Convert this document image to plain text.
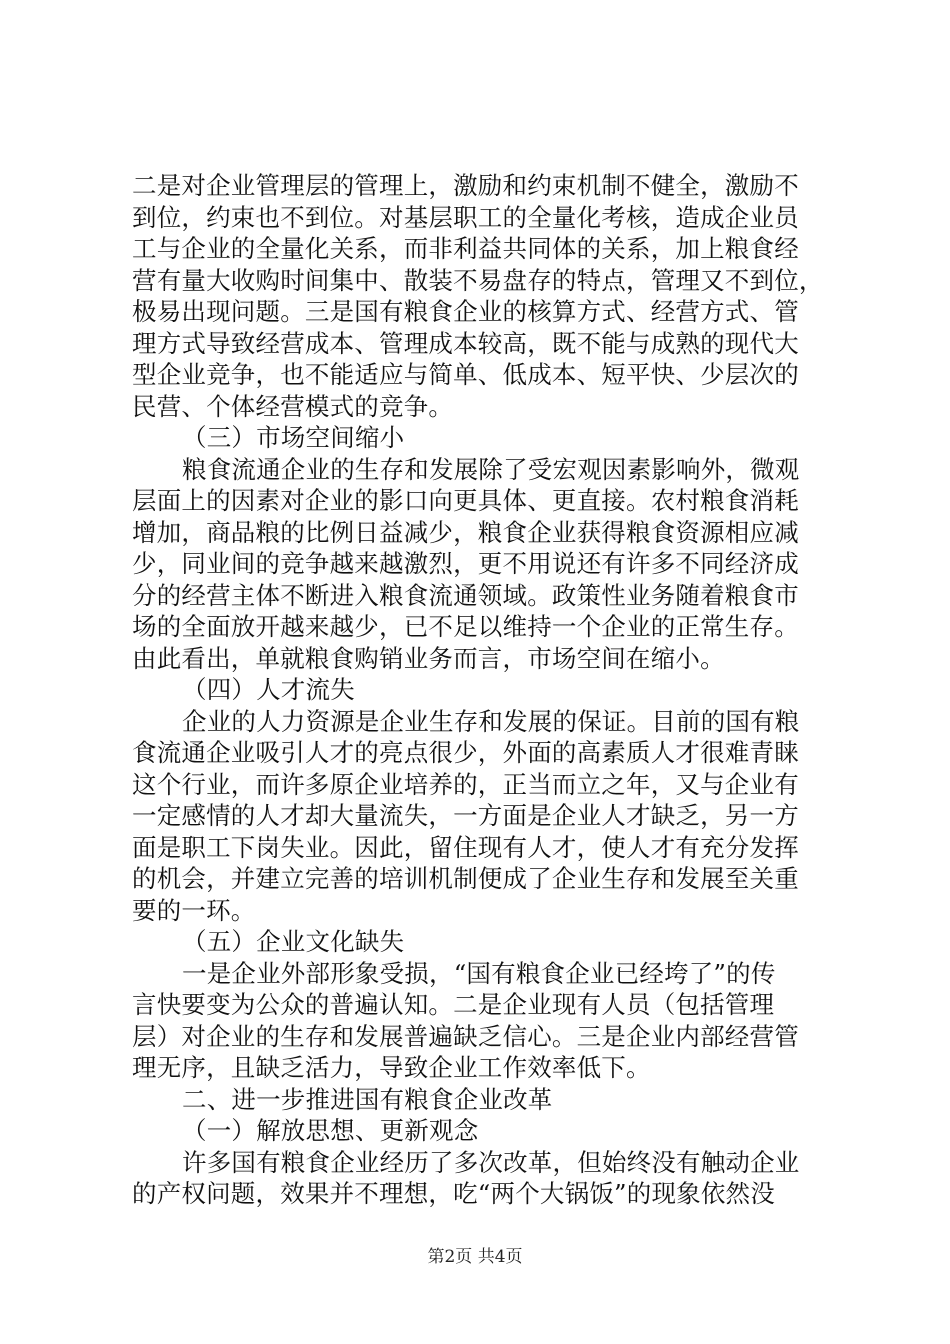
二是对企业管理层的管理上，激励和约束机制不健全，激励不
到位，约束也不到位。对基层职工的全量化考核，造成企业员
工与企业的全量化关系，而非利益共同体的关系，加上粮食经
营有量大收购时间集中、散装不易盘存的特点，管理又不到位，
极易出现问题。三是国有粮食企业的核算方式、经营方式、管
理方式导致经营成本、管理成本较高，既不能与成熟的现代大
型企业竞争，也不能适应与简单、低成本、短平快、少层次的
民营、个体经营模式的竞争。
（三）市场空间缩小
粮食流通企业的生存和发展除了受宏观因素影响外，微观
层面上的因素对企业的影口向更具体、更直接。农村粮食消耗
增加，商品粮的比例日益减少，粮食企业获得粮食资源相应减
少，同业间的竞争越来越激烈，更不用说还有许多不同经济成
分的经营主体不断进入粮食流通领域。政策性业务随着粮食市
场的全面放开越来越少，已不足以维持一个企业的正常生存。
由此看出，单就粮食购销业务而言，市场空间在缩小。
（四）人才流失
企业的人力资源是企业生存和发展的保证。目前的国有粮
食流通企业吸引人才的亮点很少，外面的高素质人才很难青睐
这个行业，而许多原企业培养的，正当而立之年，又与企业有
一定感情的人才却大量流失，一方面是企业人才缺乏，另一方
面是职工下岗失业。因此，留住现有人才，使人才有充分发挥
的机会，并建立完善的培训机制便成了企业生存和发展至关重
要的一环。
（五）企业文化缺失
一是企业外部形象受损，“国有粮食企业已经垮了”的传
言快要变为公众的普遍认知。二是企业现有人员（包括管理
层）对企业的生存和发展普遍缺乏信心。三是企业内部经营管
理无序，且缺乏活力，导致企业工作效率低下。
二、进一步推进国有粮食企业改革
（一）解放思想、更新观念
许多国有粮食企业经历了多次改革，但始终没有触动企业
的产权问题，效果并不理想，吃“两个大锅饭”的现象依然没
第2页 共4页
